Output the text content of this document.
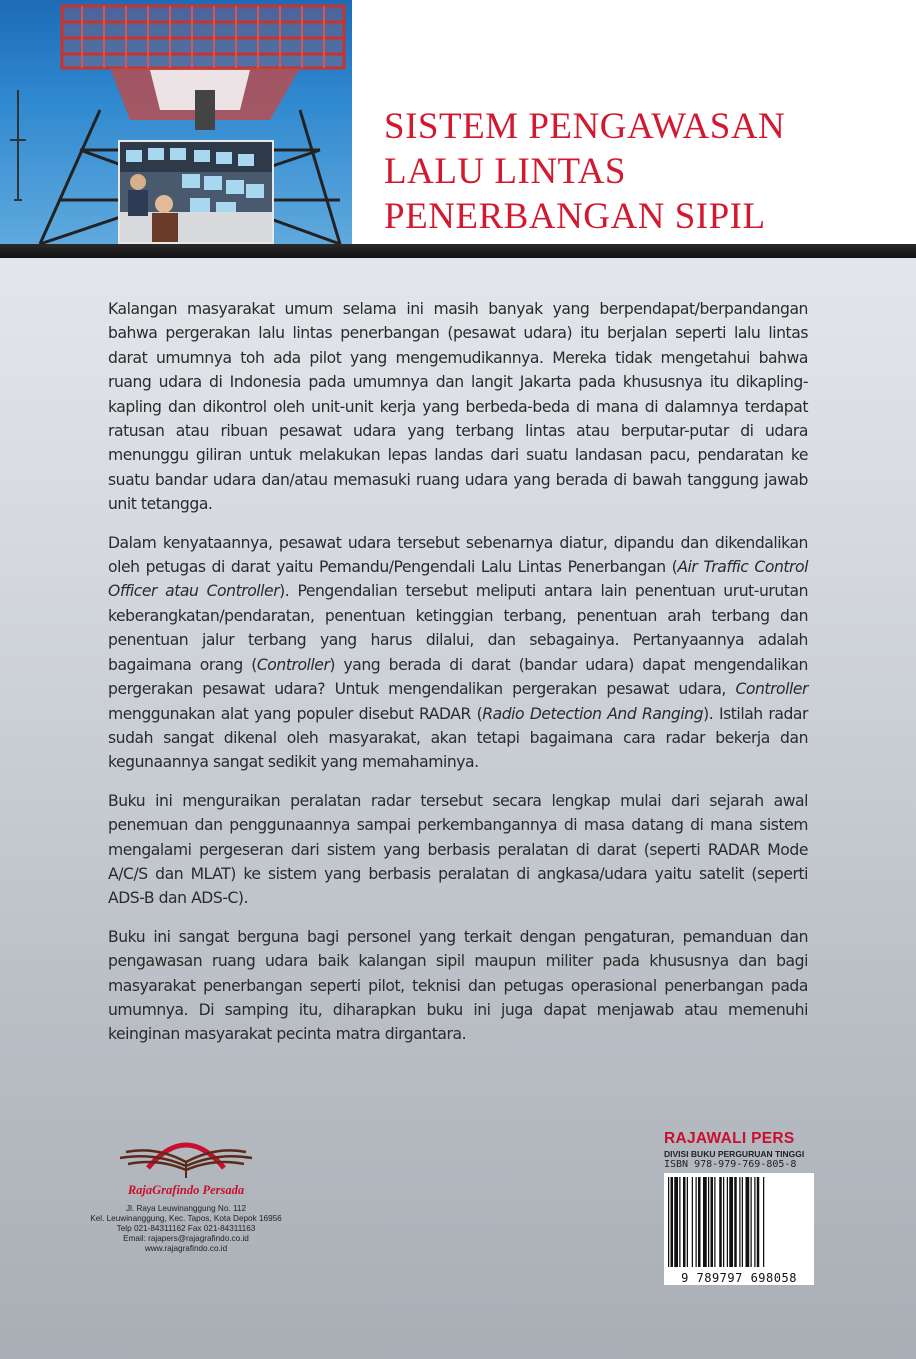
SISTEM PENGAWASAN
LALU LINTAS
PENERBANGAN SIPIL

Kalangan masyarakat umum selama ini masih banyak yang berpendapat/berpandangan bahwa pergerakan lalu lintas penerbangan (pesawat udara) itu berjalan seperti lalu lintas darat umumnya toh ada pilot yang mengemudikannya. Mereka tidak mengetahui bahwa ruang udara di Indonesia pada umumnya dan langit Jakarta pada khususnya itu dikapling-kapling dan dikontrol oleh unit-unit kerja yang berbeda-beda di mana di dalamnya terdapat ratusan atau ribuan pesawat udara yang terbang lintas atau berputar-putar di udara menunggu giliran untuk melakukan lepas landas dari suatu landasan pacu, pendaratan ke suatu bandar udara dan/atau memasuki ruang udara yang berada di bawah tanggung jawab unit tetangga.

Dalam kenyataannya, pesawat udara tersebut sebenarnya diatur, dipandu dan dikendalikan oleh petugas di darat yaitu Pemandu/Pengendali Lalu Lintas Penerbangan (Air Traffic Control Officer atau Controller). Pengendalian tersebut meliputi antara lain penentuan urut-urutan keberangkatan/pendaratan, penentuan ketinggian terbang, penentuan arah terbang dan penentuan jalur terbang yang harus dilalui, dan sebagainya. Pertanyaannya adalah bagaimana orang (Controller) yang berada di darat (bandar udara) dapat mengendalikan pergerakan pesawat udara? Untuk mengendalikan pergerakan pesawat udara, Controller menggunakan alat yang populer disebut RADAR (Radio Detection And Ranging). Istilah radar sudah sangat dikenal oleh masyarakat, akan tetapi bagaimana cara radar bekerja dan kegunaannya sangat sedikit yang memahaminya.

Buku ini menguraikan peralatan radar tersebut secara lengkap mulai dari sejarah awal penemuan dan penggunaannya sampai perkembangannya di masa datang di mana sistem mengalami pergeseran dari sistem yang berbasis peralatan di darat (seperti RADAR Mode A/C/S dan MLAT) ke sistem yang berbasis peralatan di angkasa/udara yaitu satelit (seperti ADS-B dan ADS-C).

Buku ini sangat berguna bagi personel yang terkait dengan pengaturan, pemanduan dan pengawasan ruang udara baik kalangan sipil maupun militer pada khususnya dan bagi masyarakat penerbangan seperti pilot, teknisi dan petugas operasional penerbangan pada umumnya. Di samping itu, diharapkan buku ini juga dapat menjawab atau memenuhi keinginan masyarakat pecinta matra dirgantara.

RajaGrafindo Persada
Jl. Raya Leuwinanggung No. 112
Kel. Leuwinanggung, Kec. Tapos, Kota Depok 16956
Telp 021-84311162 Fax 021-84311163
Email: rajapers@rajagrafindo.co.id
www.rajagrafindo.co.id
RAJAWALI PERS
DIVISI BUKU PERGURUAN TINGGI
ISBN 978-979-769-805-8
9 789797 698058
